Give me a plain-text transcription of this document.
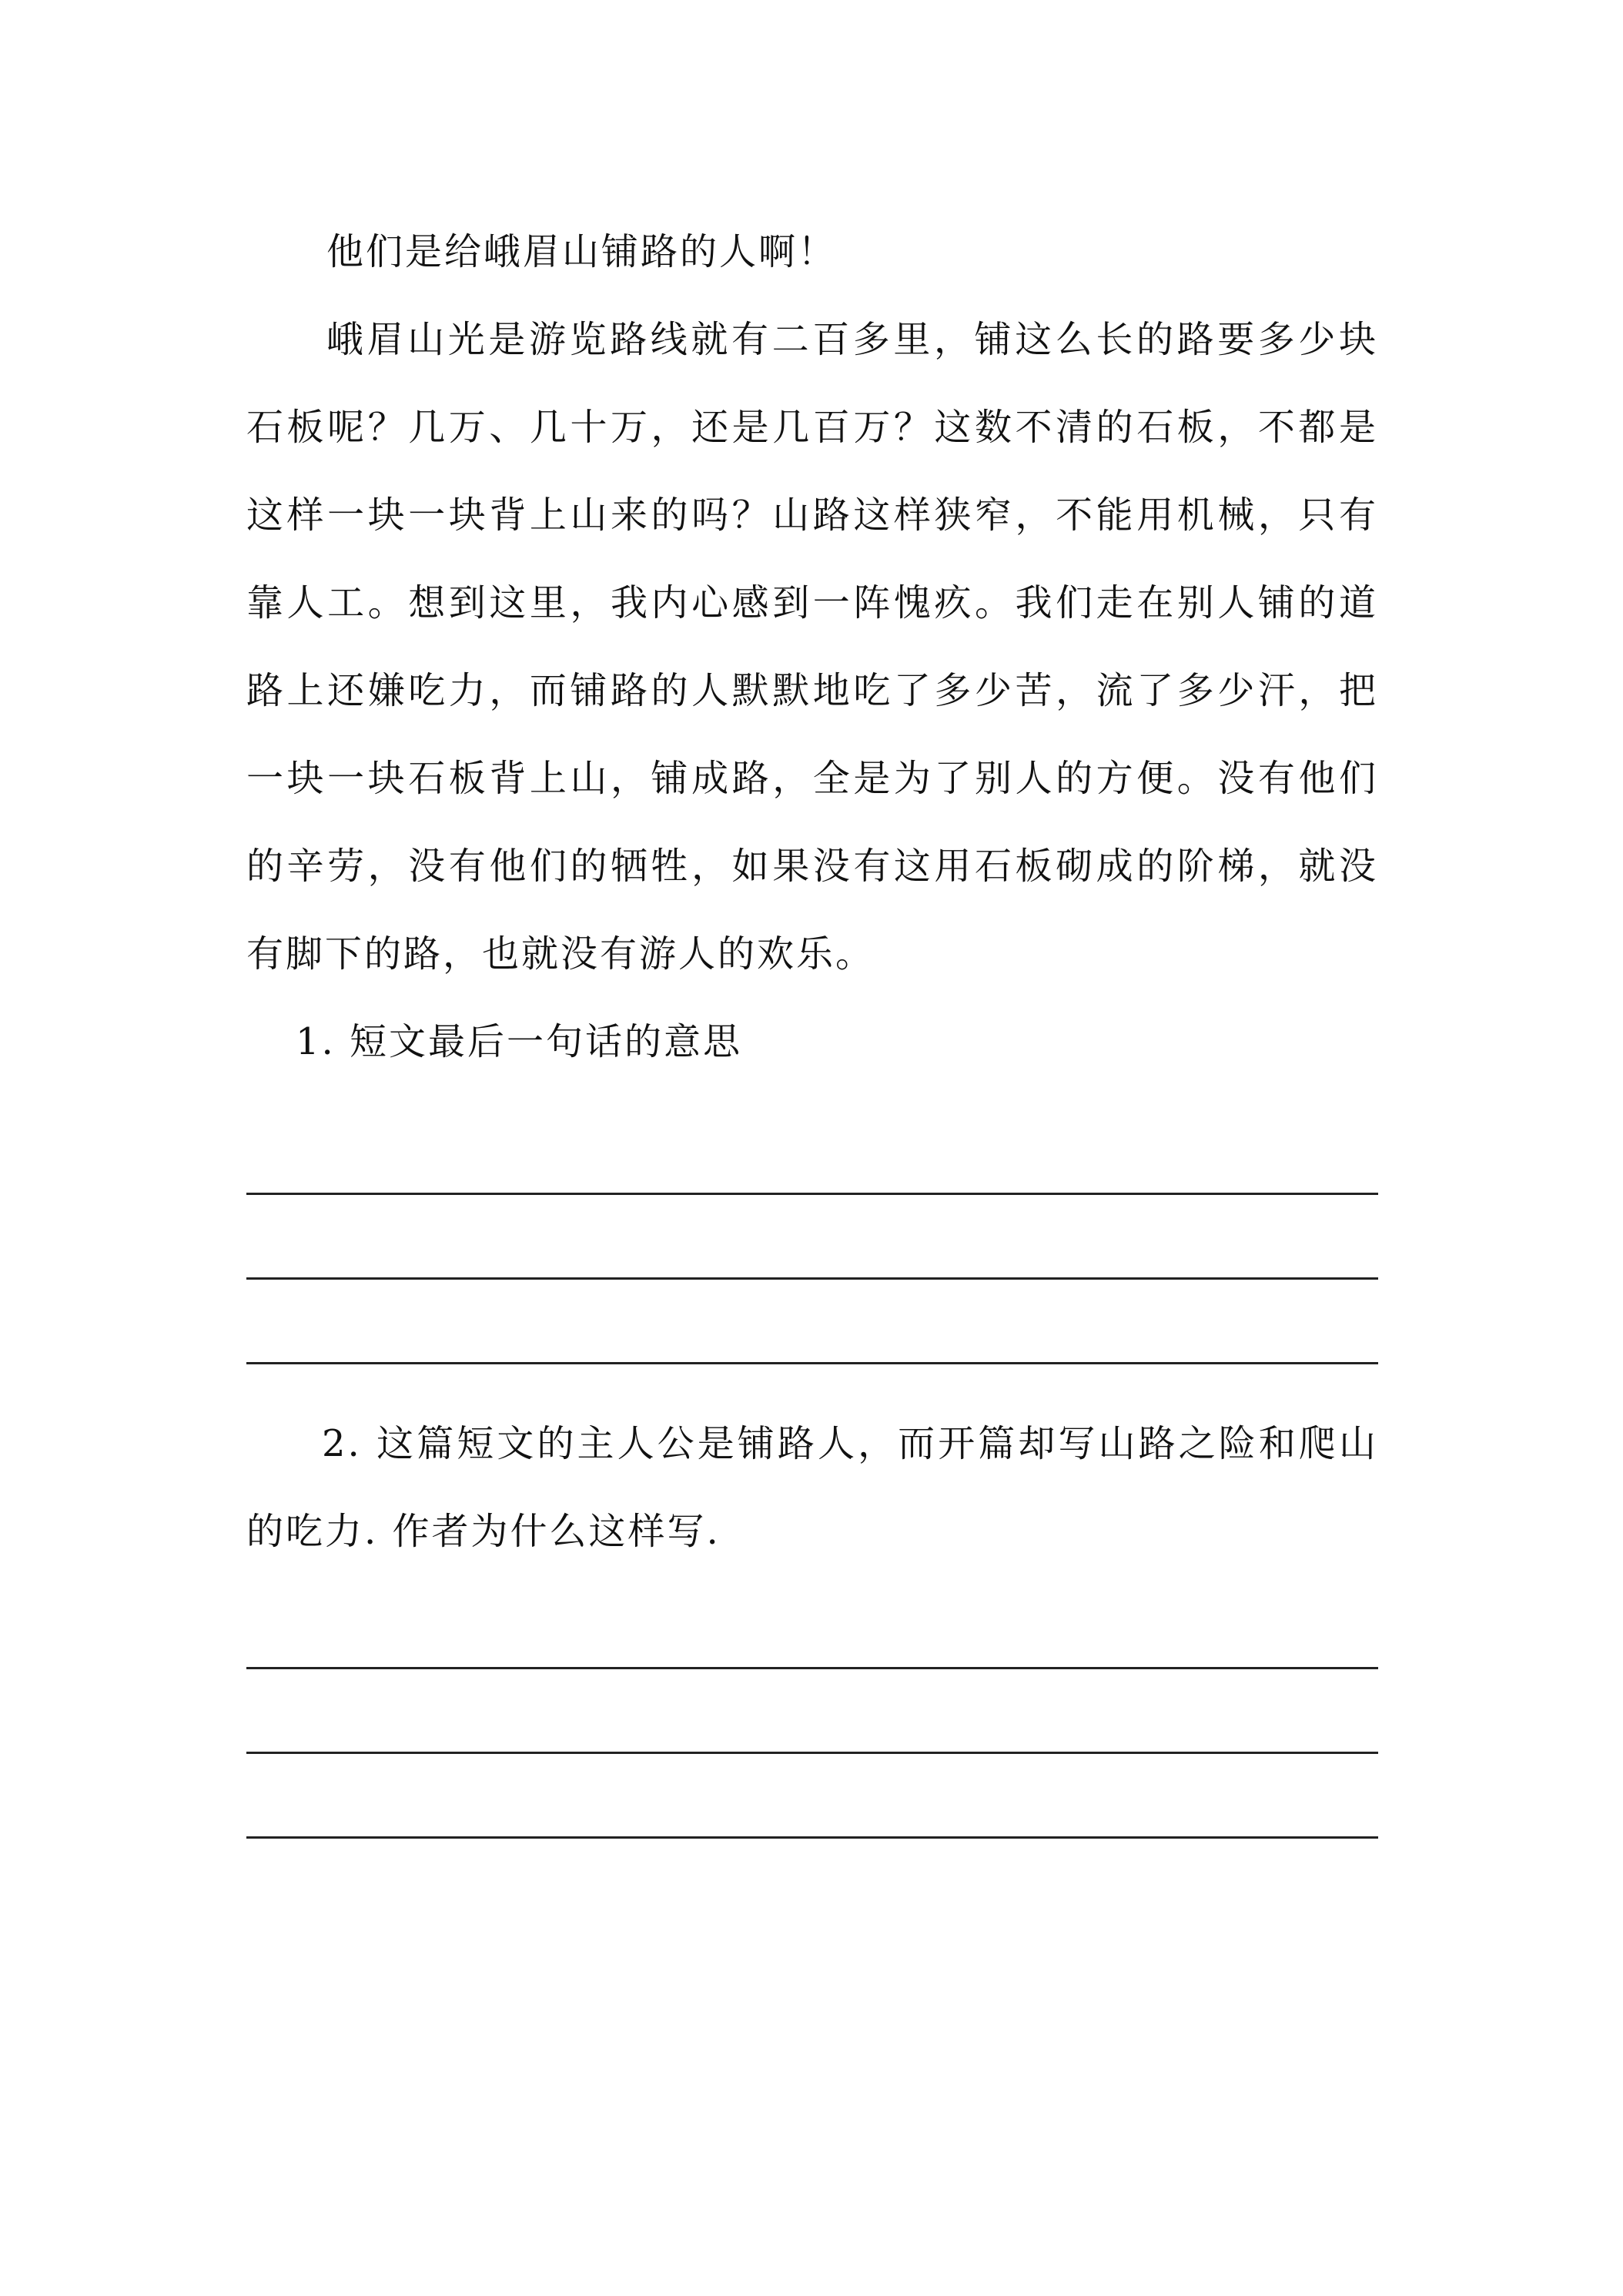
他们是给峨眉山铺路的人啊！

峨眉山光是游览路线就有二百多里，铺这么长的路要多少块石板呢？几万、几十万，还是几百万？这数不清的石板，不都是这样一块一块背上山来的吗？山路这样狭窄，不能用机械，只有靠人工。想到这里，我内心感到一阵愧疚。我们走在别人铺的道路上还嫌吃力，而铺路的人默默地吃了多少苦，流了多少汗，把一块一块石板背上山，铺成路，全是为了别人的方便。没有他们的辛劳，没有他们的牺牲，如果没有这用石板砌成的阶梯，就没有脚下的路，也就没有游人的欢乐。

1. 短文最后一句话的意思

2. 这篇短文的主人公是铺路人，而开篇却写山路之险和爬山的吃力. 作者为什么这样写.
